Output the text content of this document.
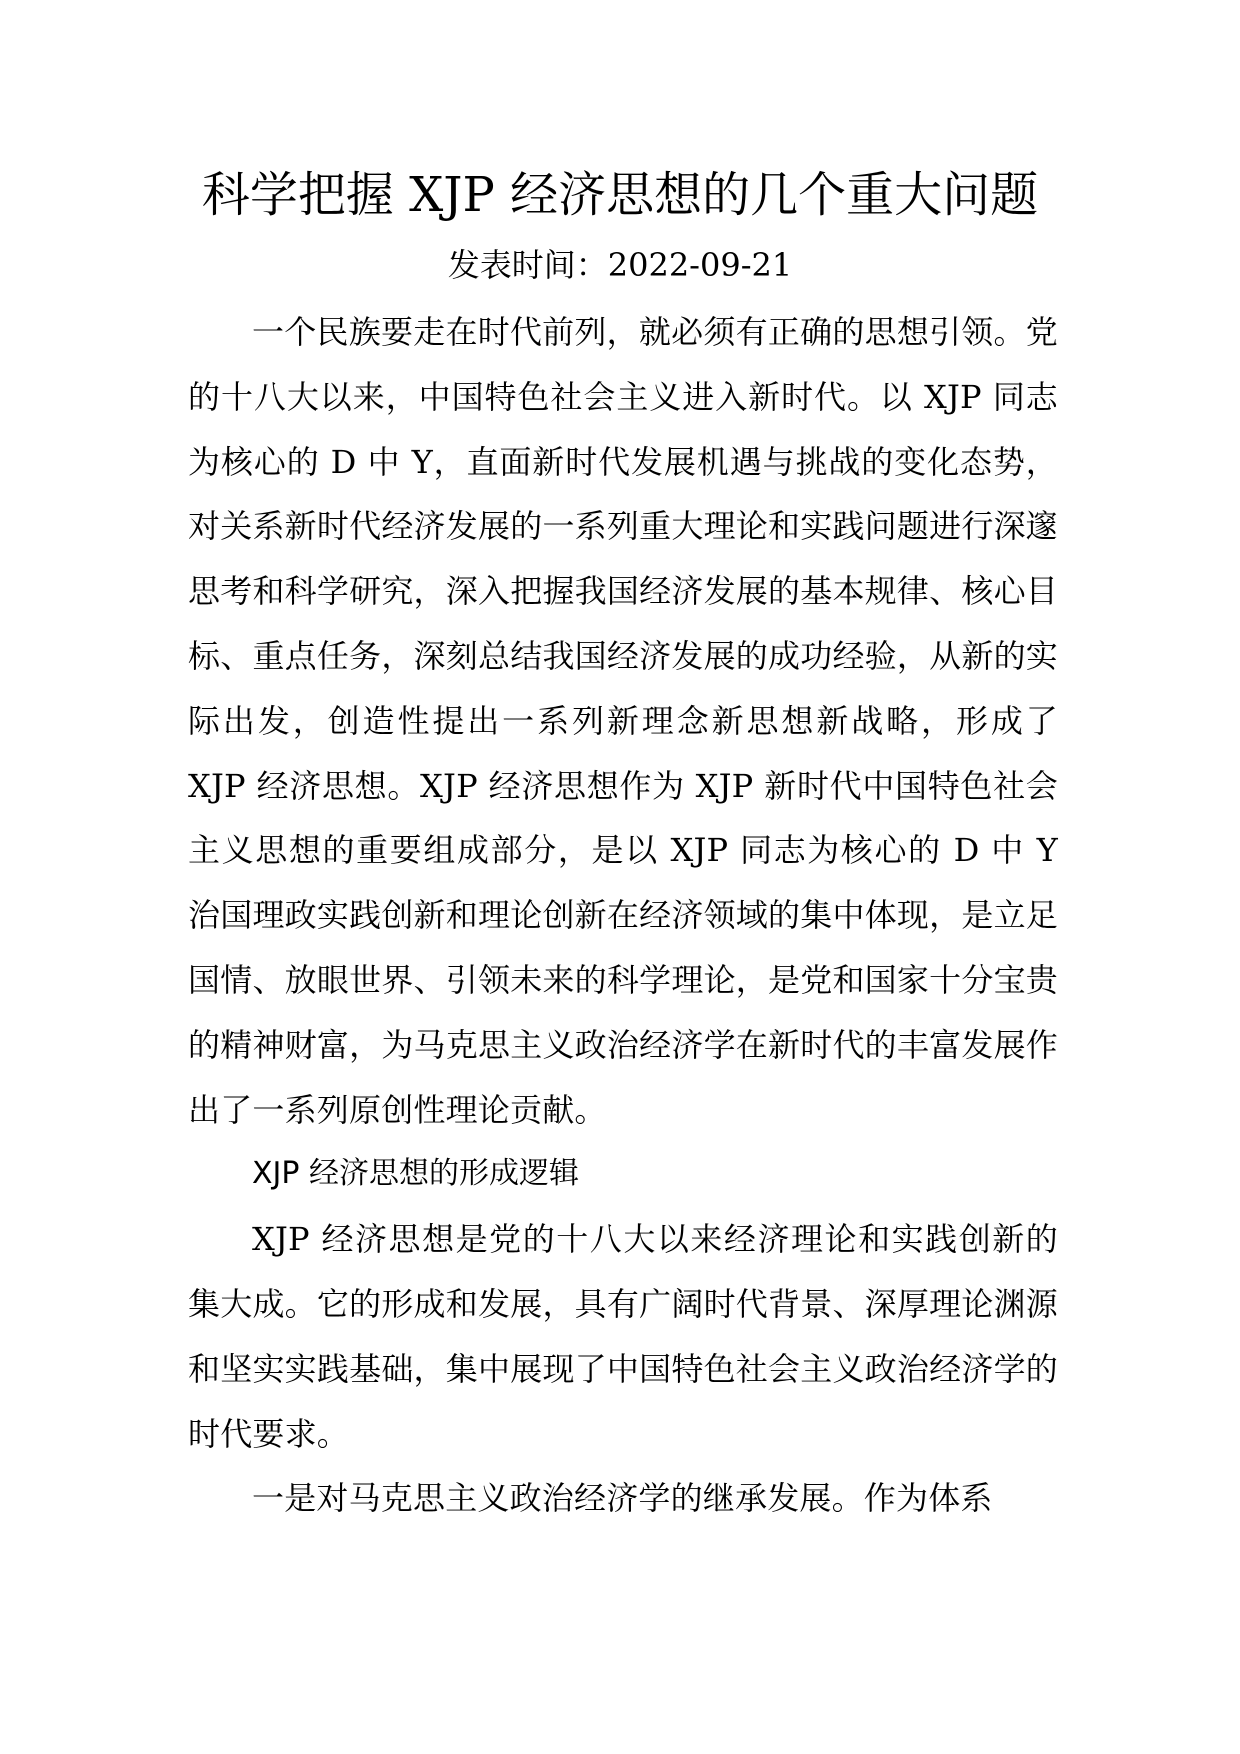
科学把握 XJP 经济思想的几个重大问题
发表时间：2022-09-21

一个民族要走在时代前列，就必须有正确的思想引领。党的十八大以来，中国特色社会主义进入新时代。以 XJP 同志为核心的 D 中 Y，直面新时代发展机遇与挑战的变化态势，对关系新时代经济发展的一系列重大理论和实践问题进行深邃思考和科学研究，深入把握我国经济发展的基本规律、核心目标、重点任务，深刻总结我国经济发展的成功经验，从新的实际出发，创造性提出一系列新理念新思想新战略，形成了 XJP 经济思想。XJP 经济思想作为 XJP 新时代中国特色社会主义思想的重要组成部分，是以 XJP 同志为核心的 D 中 Y 治国理政实践创新和理论创新在经济领域的集中体现，是立足国情、放眼世界、引领未来的科学理论，是党和国家十分宝贵的精神财富，为马克思主义政治经济学在新时代的丰富发展作出了一系列原创性理论贡献。

XJP 经济思想的形成逻辑

XJP 经济思想是党的十八大以来经济理论和实践创新的集大成。它的形成和发展，具有广阔时代背景、深厚理论渊源和坚实实践基础，集中展现了中国特色社会主义政治经济学的时代要求。

一是对马克思主义政治经济学的继承发展。作为体系
